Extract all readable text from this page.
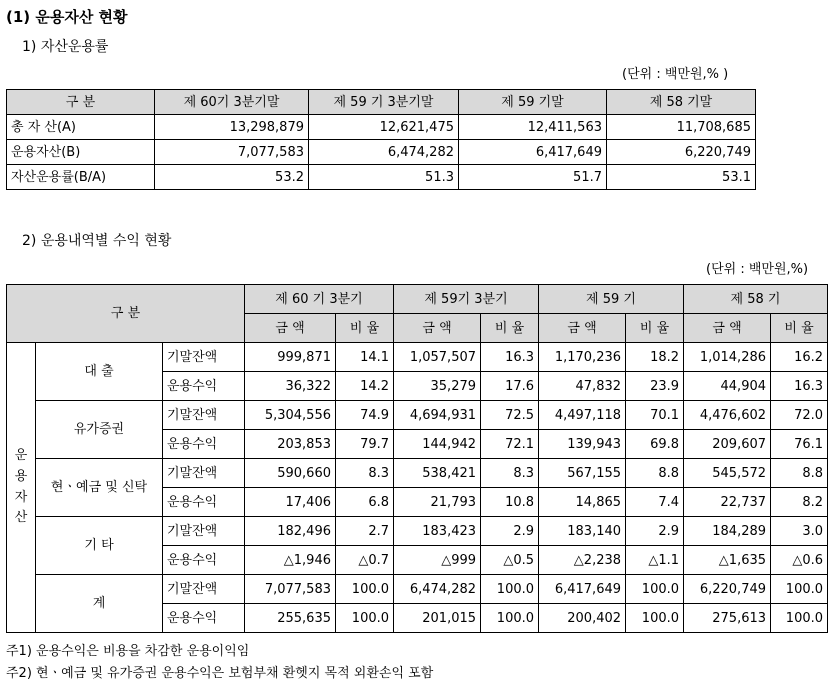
(1) 운용자산 현황
1) 자산운용률
(단위 : 백만원,% )
구 분	제 60기 3분기말	제 59 기 3분기말	제 59 기말	제 58 기말
총 자 산(A)	13,298,879	12,621,475	12,411,563	11,708,685
운용자산(B)	7,077,583	6,474,282	6,417,649	6,220,749
자산운용률(B/A)	53.2	51.3	51.7	53.1
2) 운용내역별 수익 현황
(단위 : 백만원,%)
구 분			제 60 기 3분기		제 59기 3분기		제 59 기		제 58 기	
			금 액	비 율	금 액	비 율	금 액	비 율	금 액	비 율

운
용
자
산	대 출	기말잔액	999,871	14.1	1,057,507	16.3	1,170,236	18.2	1,014,286	16.2
		운용수익	36,322	14.2	35,279	17.6	47,832	23.9	44,904	16.3
	유가증권	기말잔액	5,304,556	74.9	4,694,931	72.5	4,497,118	70.1	4,476,602	72.0
		운용수익	203,853	79.7	144,942	72.1	139,943	69.8	209,607	76.1
	현ㆍ예금 및 신탁	기말잔액	590,660	8.3	538,421	8.3	567,155	8.8	545,572	8.8
		운용수익	17,406	6.8	21,793	10.8	14,865	7.4	22,737	8.2
	기 타	기말잔액	182,496	2.7	183,423	2.9	183,140	2.9	184,289	3.0
		운용수익	△1,946	△0.7	△999	△0.5	△2,238	△1.1	△1,635	△0.6
	계	기말잔액	7,077,583	100.0	6,474,282	100.0	6,417,649	100.0	6,220,749	100.0
		운용수익	255,635	100.0	201,015	100.0	200,402	100.0	275,613	100.0
주1) 운용수익은 비용을 차감한 운용이익임
주2) 현ㆍ예금 및 유가증권 운용수익은 보험부채 환헷지 목적 외환손익 포함
